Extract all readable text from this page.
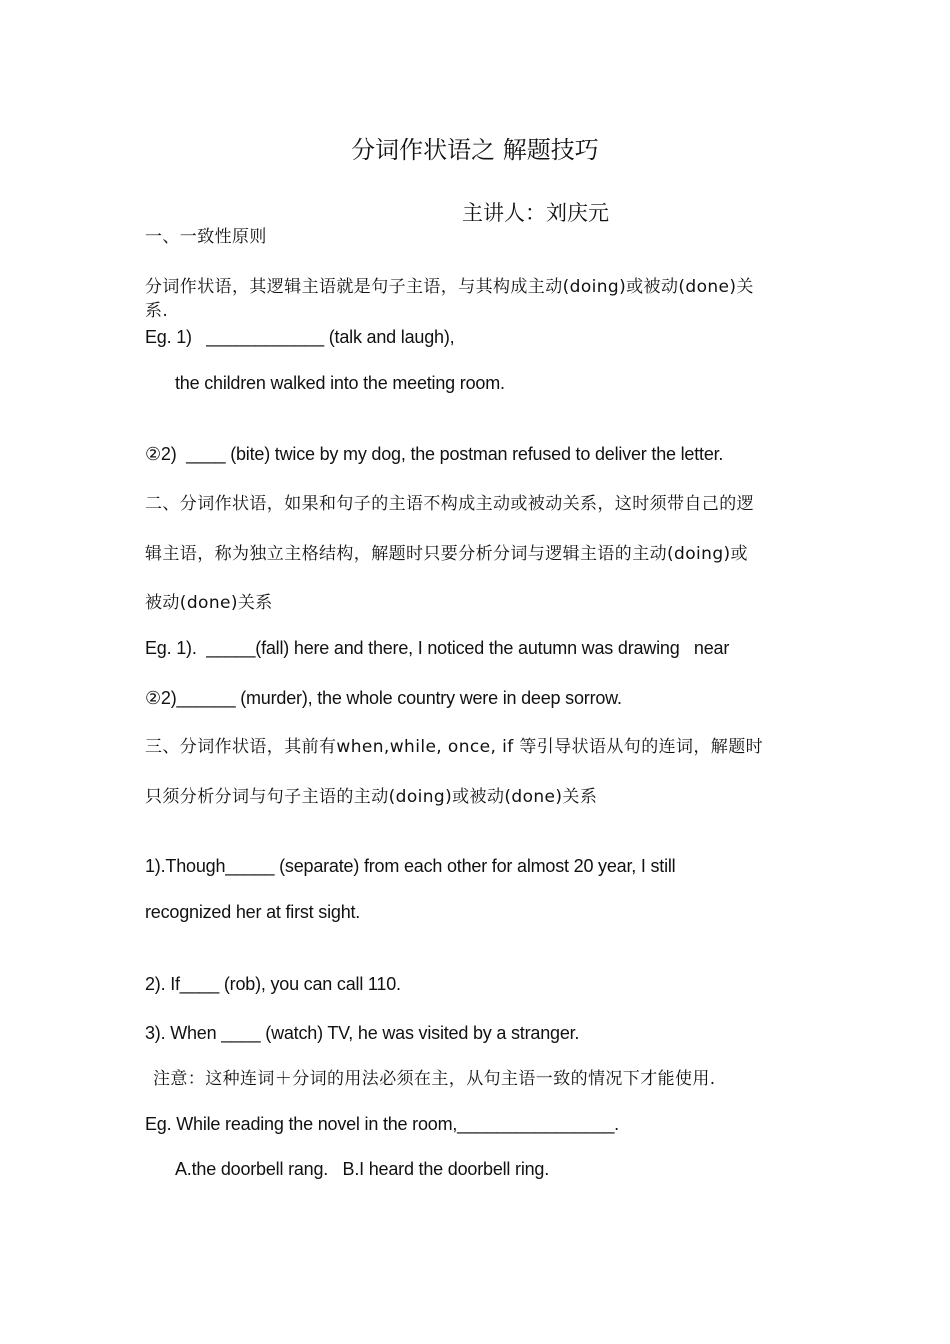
分词作状语之 解题技巧
主讲人：刘庆元
一、一致性原则
分词作状语，其逻辑主语就是句子主语，与其构成主动(doing)或被动(done)关
系.
Eg. 1)   ____________ (talk and laugh),
the children walked into the meeting room.
②2)  ____ (bite) twice by my dog, the postman refused to deliver the letter.
二、分词作状语，如果和句子的主语不构成主动或被动关系，这时须带自己的逻
辑主语，称为独立主格结构，解题时只要分析分词与逻辑主语的主动(doing)或
被动(done)关系
Eg. 1).  _____(fall) here and there, I noticed the autumn was drawing   near
②2)______ (murder), the whole country were in deep sorrow.
三、分词作状语，其前有when,while, once, if 等引导状语从句的连词，解题时
只须分析分词与句子主语的主动(doing)或被动(done)关系
1).Though_____ (separate) from each other for almost 20 year, I still
recognized her at first sight.
2). If____ (rob), you can call 110.
3). When ____ (watch) TV, he was visited by a stranger.
注意：这种连词＋分词的用法必须在主，从句主语一致的情况下才能使用.
Eg. While reading the novel in the room,________________.
A.the doorbell rang.   B.I heard the doorbell ring.
